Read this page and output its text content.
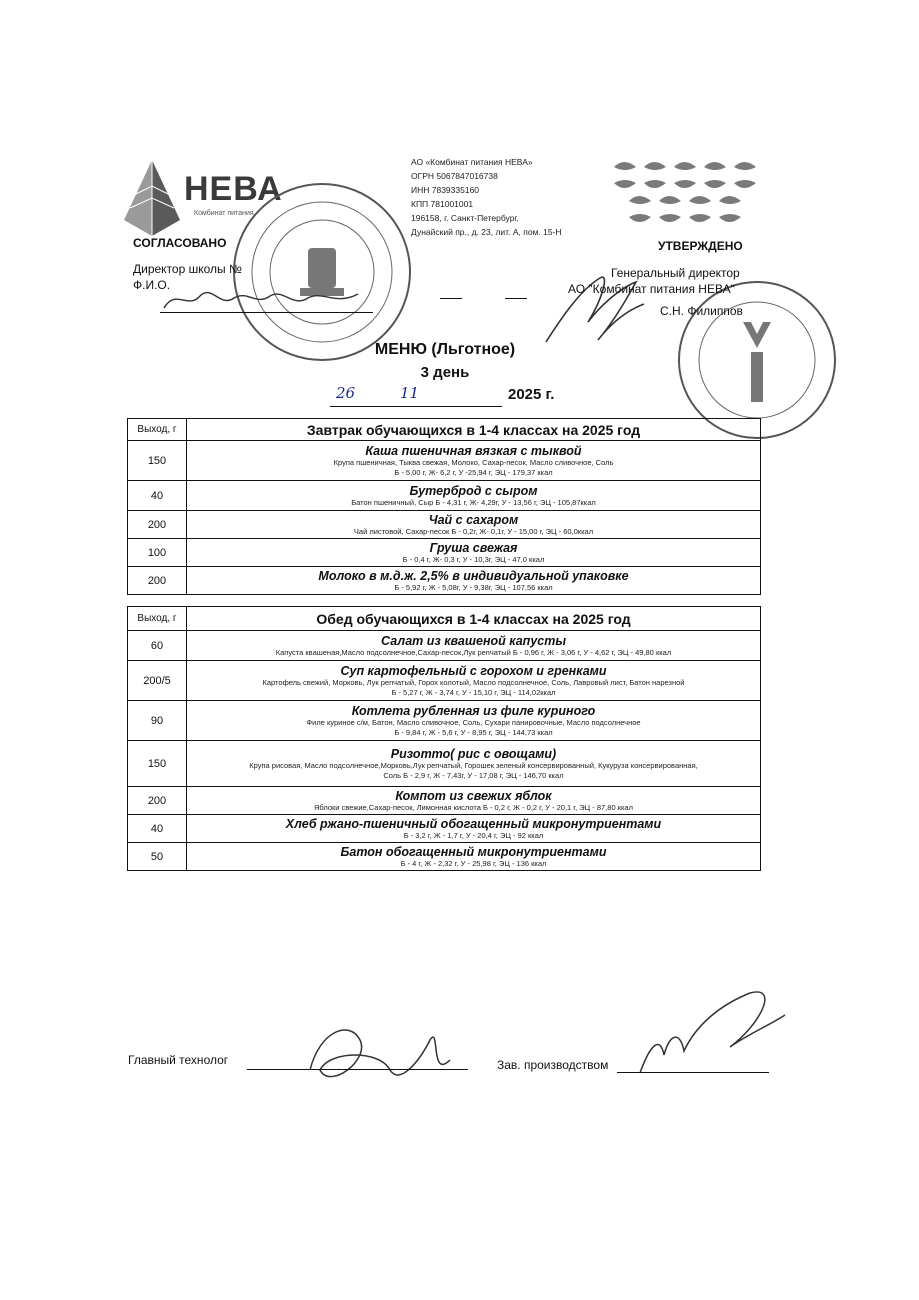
НЕВА
Комбинат питания
АО «Комбинат питания НЕВА»
ОГРН 5067847016738
ИНН 7839335160
КПП 781001001
196158, г. Санкт-Петербург,
Дунайский пр., д. 23, лит. А, пом. 15-Н
СОГЛАСОВАНО
Директор школы №
Ф.И.О.
УТВЕРЖДЕНО
Генеральный директор
АО "Комбинат питания НЕВА"
С.Н. Филиппов
МЕНЮ (Льготное)
3 день
26	11	2025 г.
Выход, г	Завтрак обучающихся в 1-4 классах на 2025 год
150	Каша пшеничная вязкая с тыквой
Крупа пшеничная, Тыква свежая, Молоко, Сахар-песок, Масло сливочное, Соль
Б - 5,00 г, Ж- 6,2 г, У -25,94 г, ЭЦ - 179,37 ккал

40	Бутерброд с сыром
Батон пшеничный, Сыр Б - 4,31 г, Ж- 4,29г, У - 13,56 г, ЭЦ - 105,87ккал

200	Чай с сахаром
Чай листовой, Сахар-песок Б - 0,2г, Ж- 0,1г, У - 15,00 г, ЭЦ - 60,0ккал

100	Груша свежая
Б - 0,4 г, Ж- 0,3 г, У - 10,3г, ЭЦ - 47,0 ккал

200	Молоко в м.д.ж. 2,5% в индивидуальной упаковке
Б - 5,92 г, Ж - 5,08г, У - 9,38г, ЭЦ - 107,56 ккал
Выход, г	Обед обучающихся в 1-4 классах на 2025 год
60	Салат из квашеной капусты
Капуста квашеная,Масло подсолнечное,Сахар-песок,Лук репчатый Б - 0,96 г, Ж - 3,06 г, У - 4,62 г, ЭЦ - 49,80 ккал

200/5	Суп картофельный с горохом и гренками
Картофель свежий, Морковь, Лук репчатый, Горох колотый, Масло подсолнечное, Соль, Лавровый лист, Батон нарезной
Б - 5,27 г, Ж - 3,74 г, У - 15,10 г, ЭЦ - 114,02ккал

90	Котлета рубленная из филе куриного
Филе куриное с/м, Батон, Масло сливочное, Соль, Сухари панировочные, Масло подсолнечное
Б - 9,84 г, Ж - 5,6 г, У - 8,95 г, ЭЦ - 144,73 ккал

150	Ризотто( рис с овощами)
Крупа рисовая, Масло подсолнечное,Морковь,Лук репчатый, Горошек зеленый консервированный, Кукуруза консервированная,
Соль Б - 2,9 г, Ж - 7,43г, У - 17,08 г, ЭЦ - 146,70 ккал

200	Компот из свежих яблок
Яблоки свежие,Сахар-песок, Лимонная кислота Б - 0,2 г, Ж - 0,2 г, У - 20,1 г, ЭЦ - 87,80 ккал

40	Хлеб ржано-пшеничный обогащенный микронутриентами
Б - 3,2 г, Ж - 1,7 г, У - 20,4 г, ЭЦ - 92 ккал

50	Батон обогащенный микронутриентами
Б - 4 г, Ж - 2,32 г, У - 25,98 г, ЭЦ - 136 ккал
Главный технолог	Зав. производством
